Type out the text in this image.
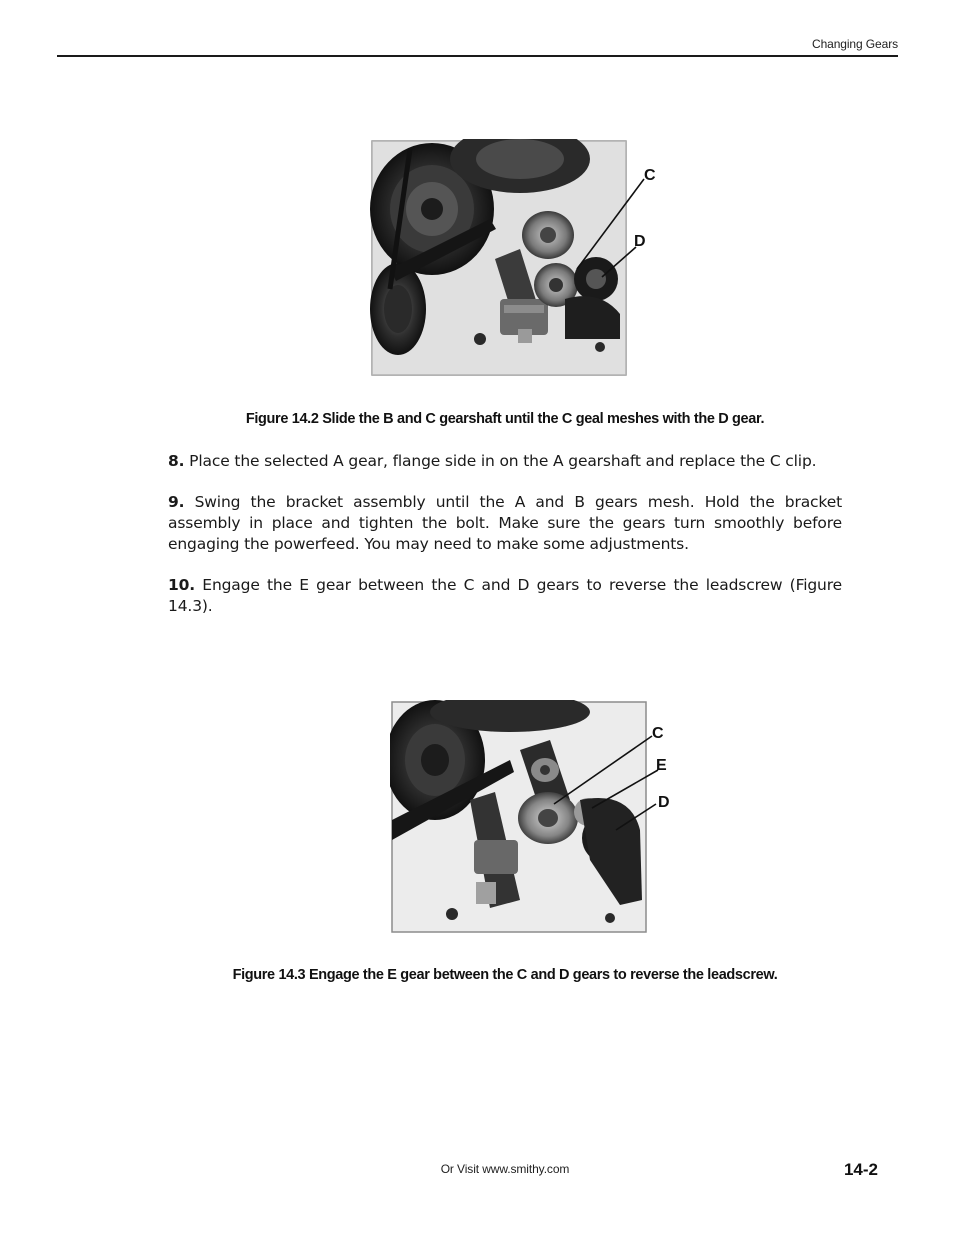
Changing Gears
C
D
Figure 14.2 Slide the B and C gearshaft until the C geal meshes with the D gear.
8. Place the selected A gear, flange side in on the A gearshaft and replace the C clip.
9. Swing the bracket assembly until the A and B gears mesh. Hold the bracket assembly in place and tighten the bolt. Make sure the gears turn smoothly before engaging the powerfeed. You may need to make some adjustments.
10. Engage the E gear between the C and D gears to reverse the leadscrew (Figure 14.3).
C
E
D
Figure 14.3 Engage the E gear between the C and D gears to reverse the leadscrew.
Or Visit www.smithy.com	14-2
